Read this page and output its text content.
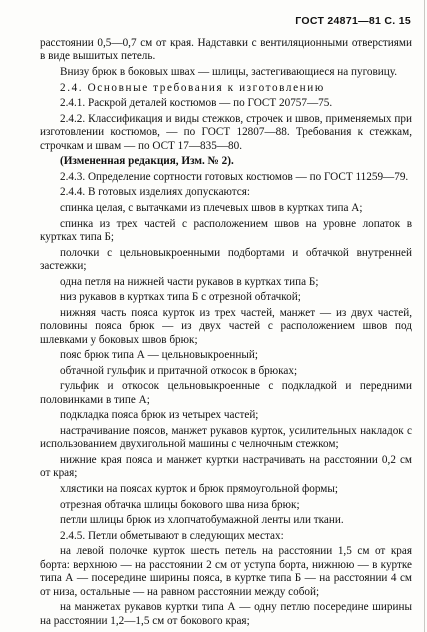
ГОСТ 24871—81 С. 15

расстоянии 0,5—0,7 см от края. Надставки с вентиляционными отверстиями в виде вышитых петель.

Внизу брюк в боковых швах — шлицы, застегивающиеся на пуговицу.

2.4. Основные требования к изготовлению

2.4.1. Раскрой деталей костюмов — по ГОСТ 20757—75.

2.4.2. Классификация и виды стежков, строчек и швов, применяемых при изготовлении костюмов, — по ГОСТ 12807—88. Требования к стежкам, строчкам и швам — по ОСТ 17—835—80.

(Измененная редакция, Изм. № 2).

2.4.3. Определение сортности готовых костюмов — по ГОСТ 11259—79.

2.4.4. В готовых изделиях допускаются:

спинка целая, с вытачками из плечевых швов в куртках типа А;

спинка из трех частей с расположением швов на уровне лопаток в куртках типа Б;

полочки с цельновыкроенными подбортами и обтачкой внутренней застежки;

одна петля на нижней части рукавов в куртках типа Б;

низ рукавов в куртках типа Б с отрезной обтачкой;

нижняя часть пояса курток из трех частей, манжет — из двух частей, половины пояса брюк — из двух частей с расположением швов под шлевками у боковых швов брюк;

пояс брюк типа А — цельновыкроенный;

обтачной гульфик и притачной откосок в брюках;

гульфик и откосок цельновыкроенные с подкладкой и передними половинками в типе А;

подкладка пояса брюк из четырех частей;

настрачивание поясов, манжет рукавов курток, усилительных накладок с использованием двухигольной машины с челночным стежком;

нижние края пояса и манжет куртки настрачивать на расстоянии 0,2 см от края;

хлястики на поясах курток и брюк прямоугольной формы;

отрезная обтачка шлицы бокового шва низа брюк;

петли шлицы брюк из хлопчатобумажной ленты или ткани.

2.4.5. Петли обметывают в следующих местах:

на левой полочке курток шесть петель на расстоянии 1,5 см от края борта: верхнюю — на расстоянии 2 см от уступа борта, нижнюю — в куртке типа А — посередине ширины пояса, в куртке типа Б — на расстоянии 4 см от низа, остальные — на равном расстоянии между собой;

на манжетах рукавов куртки типа А — одну петлю посередине ширины на расстоянии 1,2—1,5 см от бокового края;
